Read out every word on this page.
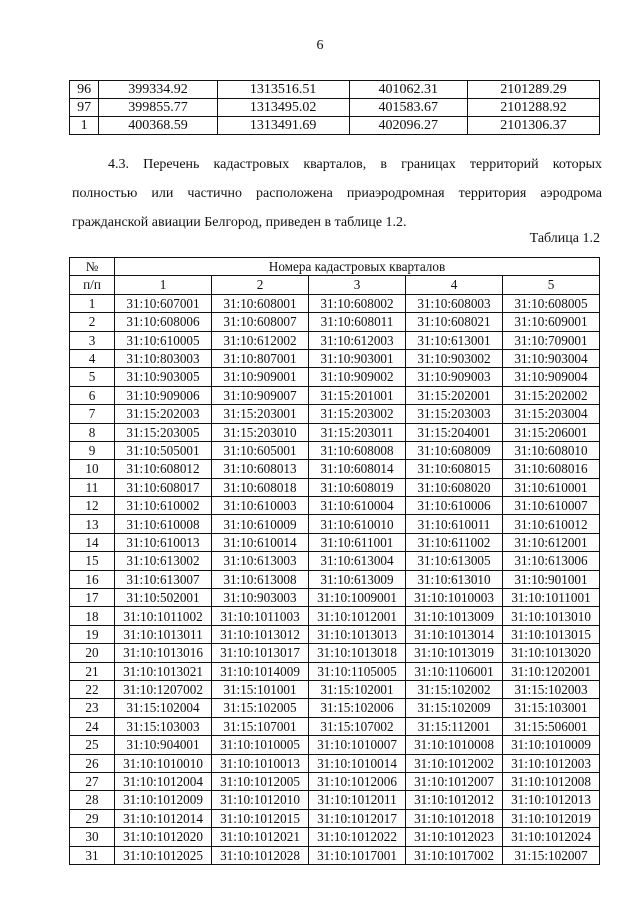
6
96	399334.92	1313516.51	401062.31	2101289.29
97	399855.77	1313495.02	401583.67	2101288.92
1	400368.59	1313491.69	402096.27	2101306.37

4.3. Перечень кадастровых кварталов, в границах территорий которых

полностью или частично расположена приаэродромная территория аэродрома

гражданской авиации Белгород, приведен в таблице 1.2.

Таблица 1.2
№	Номера кадастровых кварталов				
п/п	1	2	3	4	5
1	31:10:607001	31:10:608001	31:10:608002	31:10:608003	31:10:608005
2	31:10:608006	31:10:608007	31:10:608011	31:10:608021	31:10:609001
3	31:10:610005	31:10:612002	31:10:612003	31:10:613001	31:10:709001
4	31:10:803003	31:10:807001	31:10:903001	31:10:903002	31:10:903004
5	31:10:903005	31:10:909001	31:10:909002	31:10:909003	31:10:909004
6	31:10:909006	31:10:909007	31:15:201001	31:15:202001	31:15:202002
7	31:15:202003	31:15:203001	31:15:203002	31:15:203003	31:15:203004
8	31:15:203005	31:15:203010	31:15:203011	31:15:204001	31:15:206001
9	31:10:505001	31:10:605001	31:10:608008	31:10:608009	31:10:608010
10	31:10:608012	31:10:608013	31:10:608014	31:10:608015	31:10:608016
11	31:10:608017	31:10:608018	31:10:608019	31:10:608020	31:10:610001
12	31:10:610002	31:10:610003	31:10:610004	31:10:610006	31:10:610007
13	31:10:610008	31:10:610009	31:10:610010	31:10:610011	31:10:610012
14	31:10:610013	31:10:610014	31:10:611001	31:10:611002	31:10:612001
15	31:10:613002	31:10:613003	31:10:613004	31:10:613005	31:10:613006
16	31:10:613007	31:10:613008	31:10:613009	31:10:613010	31:10:901001
17	31:10:502001	31:10:903003	31:10:1009001	31:10:1010003	31:10:1011001
18	31:10:1011002	31:10:1011003	31:10:1012001	31:10:1013009	31:10:1013010
19	31:10:1013011	31:10:1013012	31:10:1013013	31:10:1013014	31:10:1013015
20	31:10:1013016	31:10:1013017	31:10:1013018	31:10:1013019	31:10:1013020
21	31:10:1013021	31:10:1014009	31:10:1105005	31:10:1106001	31:10:1202001
22	31:10:1207002	31:15:101001	31:15:102001	31:15:102002	31:15:102003
23	31:15:102004	31:15:102005	31:15:102006	31:15:102009	31:15:103001
24	31:15:103003	31:15:107001	31:15:107002	31:15:112001	31:15:506001
25	31:10:904001	31:10:1010005	31:10:1010007	31:10:1010008	31:10:1010009
26	31:10:1010010	31:10:1010013	31:10:1010014	31:10:1012002	31:10:1012003
27	31:10:1012004	31:10:1012005	31:10:1012006	31:10:1012007	31:10:1012008
28	31:10:1012009	31:10:1012010	31:10:1012011	31:10:1012012	31:10:1012013
29	31:10:1012014	31:10:1012015	31:10:1012017	31:10:1012018	31:10:1012019
30	31:10:1012020	31:10:1012021	31:10:1012022	31:10:1012023	31:10:1012024
31	31:10:1012025	31:10:1012028	31:10:1017001	31:10:1017002	31:15:102007
